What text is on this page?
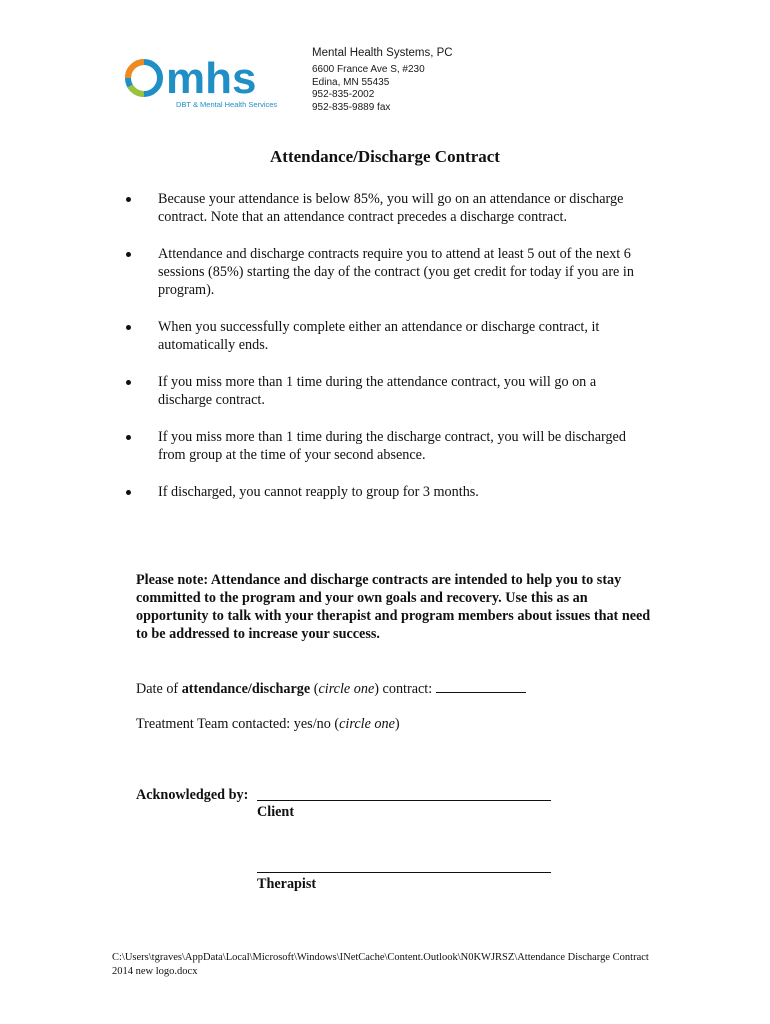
mhs
DBT & Mental Health Services
Mental Health Systems, PC
6600 France Ave S, #230
Edina, MN 55435
952-835-2002
952-835-9889 fax
Attendance/Discharge Contract
Because your attendance is below 85%, you will go on an attendance or discharge contract. Note that an attendance contract precedes a discharge contract.
Attendance and discharge contracts require you to attend at least 5 out of the next 6 sessions (85%) starting the day of the contract (you get credit for today if you are in program).
When you successfully complete either an attendance or discharge contract, it automatically ends.
If you miss more than 1 time during the attendance contract, you will go on a discharge contract.
If you miss more than 1 time during the discharge contract, you will be discharged from group at the time of your second absence.
If discharged, you cannot reapply to group for 3 months.
Please note: Attendance and discharge contracts are intended to help you to stay committed to the program and your own goals and recovery. Use this as an opportunity to talk with your therapist and program members about issues that need to be addressed to increase your success.
Date of attendance/discharge (circle one) contract:
Treatment Team contacted: yes/no (circle one)
Acknowledged by:
Client
Therapist
C:\Users\tgraves\AppData\Local\Microsoft\Windows\INetCache\Content.Outlook\N0KWJRSZ\Attendance Discharge Contract 2014 new logo.docx
